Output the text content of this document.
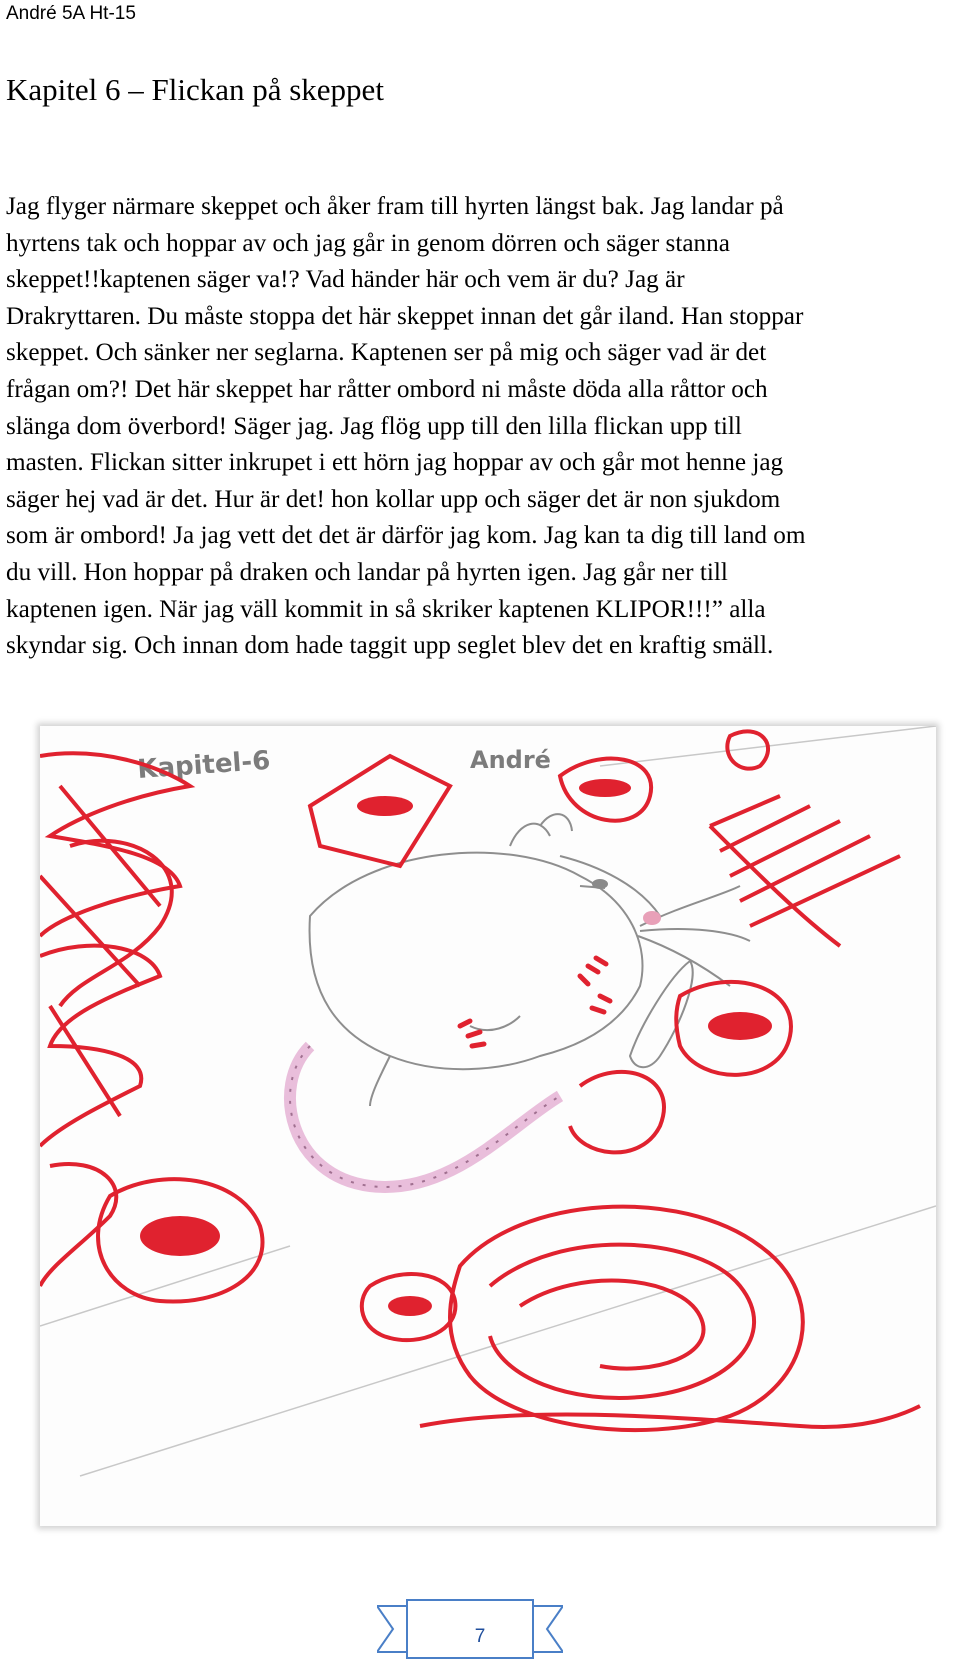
André 5A Ht-15
Kapitel 6 – Flickan på skeppet
Jag flyger närmare skeppet och åker fram till hyrten längst bak. Jag landar på
hyrtens tak och hoppar av och jag går in genom dörren och säger stanna
skeppet!!kaptenen säger va!? Vad händer här och vem är du? Jag är
Drakryttaren. Du måste stoppa det här skeppet innan det går iland. Han stoppar
skeppet. Och sänker ner seglarna. Kaptenen ser på mig och säger vad är det
frågan om?! Det här skeppet har råtter ombord ni måste döda alla råttor och
slänga dom överbord! Säger jag. Jag flög upp till den lilla flickan upp till
masten. Flickan sitter inkrupet i ett hörn jag hoppar av och går mot henne jag
säger hej vad är det. Hur är det! hon kollar upp och säger det är non sjukdom
som är ombord! Ja jag vett det det är därför jag kom. Jag kan ta dig till land om
du vill. Hon hoppar på draken och landar på hyrten igen. Jag går ner till
kaptenen igen. När jag väll kommit in så skriker kaptenen KLIPOR!!!” alla
skyndar sig. Och innan dom hade taggit upp seglet blev det en kraftig smäll.
Kapitel-6	André
7
